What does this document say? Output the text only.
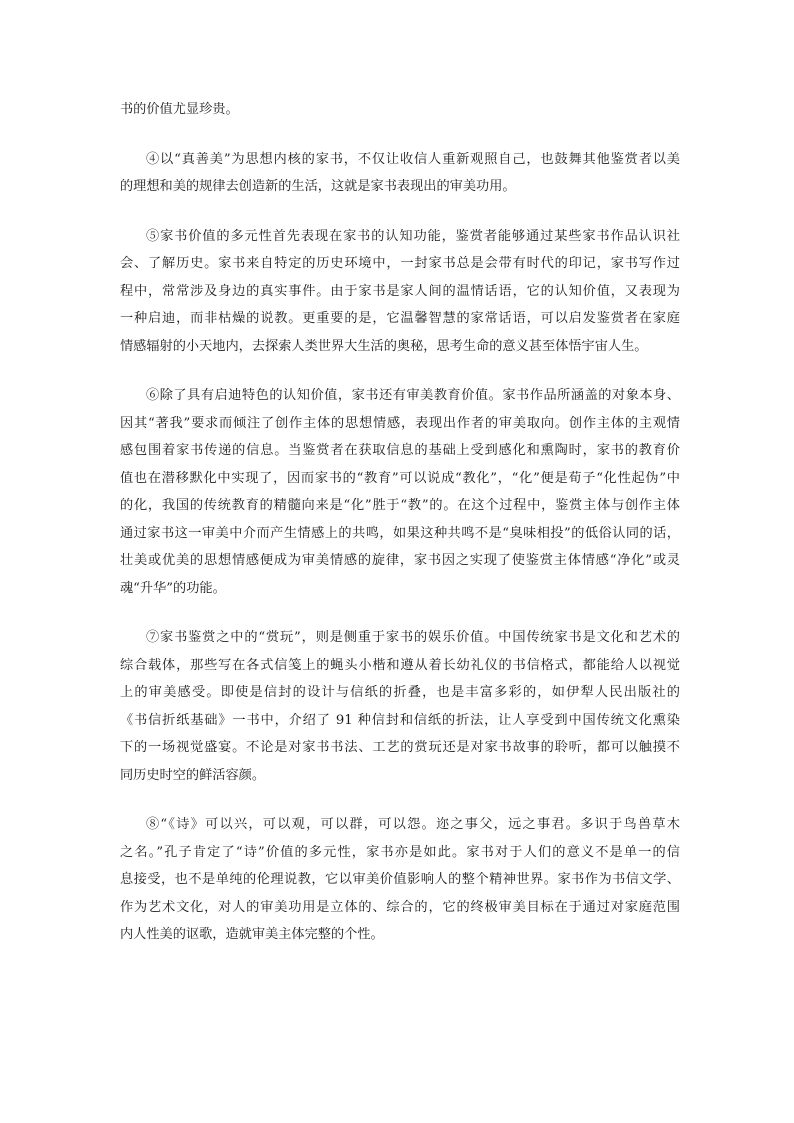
书的价值尤显珍贵。
④以“真善美”为思想内核的家书，不仅让收信人重新观照自己，也鼓舞其他鉴赏者以美
的理想和美的规律去创造新的生活，这就是家书表现出的审美功用。
⑤家书价值的多元性首先表现在家书的认知功能，鉴赏者能够通过某些家书作品认识社
会、了解历史。家书来自特定的历史环境中，一封家书总是会带有时代的印记，家书写作过
程中，常常涉及身边的真实事件。由于家书是家人间的温情话语，它的认知价值，又表现为
一种启迪，而非枯燥的说教。更重要的是，它温馨智慧的家常话语，可以启发鉴赏者在家庭
情感辐射的小天地内，去探索人类世界大生活的奥秘，思考生命的意义甚至体悟宇宙人生。
⑥除了具有启迪特色的认知价值，家书还有审美教育价值。家书作品所涵盖的对象本身、
因其“著我”要求而倾注了创作主体的思想情感，表现出作者的审美取向。创作主体的主观情
感包围着家书传递的信息。当鉴赏者在获取信息的基础上受到感化和熏陶时，家书的教育价
值也在潜移默化中实现了，因而家书的“教育”可以说成“教化”，“化”便是荀子“化性起伪”中
的化，我国的传统教育的精髓向来是“化”胜于“教”的。在这个过程中，鉴赏主体与创作主体
通过家书这一审美中介而产生情感上的共鸣，如果这种共鸣不是“臭味相投”的低俗认同的话，
壮美或优美的思想情感便成为审美情感的旋律，家书因之实现了使鉴赏主体情感“净化”或灵
魂“升华”的功能。
⑦家书鉴赏之中的“赏玩”，则是侧重于家书的娱乐价值。中国传统家书是文化和艺术的
综合载体，那些写在各式信笺上的蝇头小楷和遵从着长幼礼仪的书信格式，都能给人以视觉
上的审美感受。即使是信封的设计与信纸的折叠，也是丰富多彩的，如伊犁人民出版社的
《书信折纸基础》一书中，介绍了 91 种信封和信纸的折法，让人享受到中国传统文化熏染
下的一场视觉盛宴。不论是对家书书法、工艺的赏玩还是对家书故事的聆听，都可以触摸不
同历史时空的鲜活容颜。
⑧“《诗》可以兴，可以观，可以群，可以怨。迩之事父，远之事君。多识于鸟兽草木
之名。”孔子肯定了“诗”价值的多元性，家书亦是如此。家书对于人们的意义不是单一的信
息接受，也不是单纯的伦理说教，它以审美价值影响人的整个精神世界。家书作为书信文学、
作为艺术文化，对人的审美功用是立体的、综合的，它的终极审美目标在于通过对家庭范围
内人性美的讴歌，造就审美主体完整的个性。
